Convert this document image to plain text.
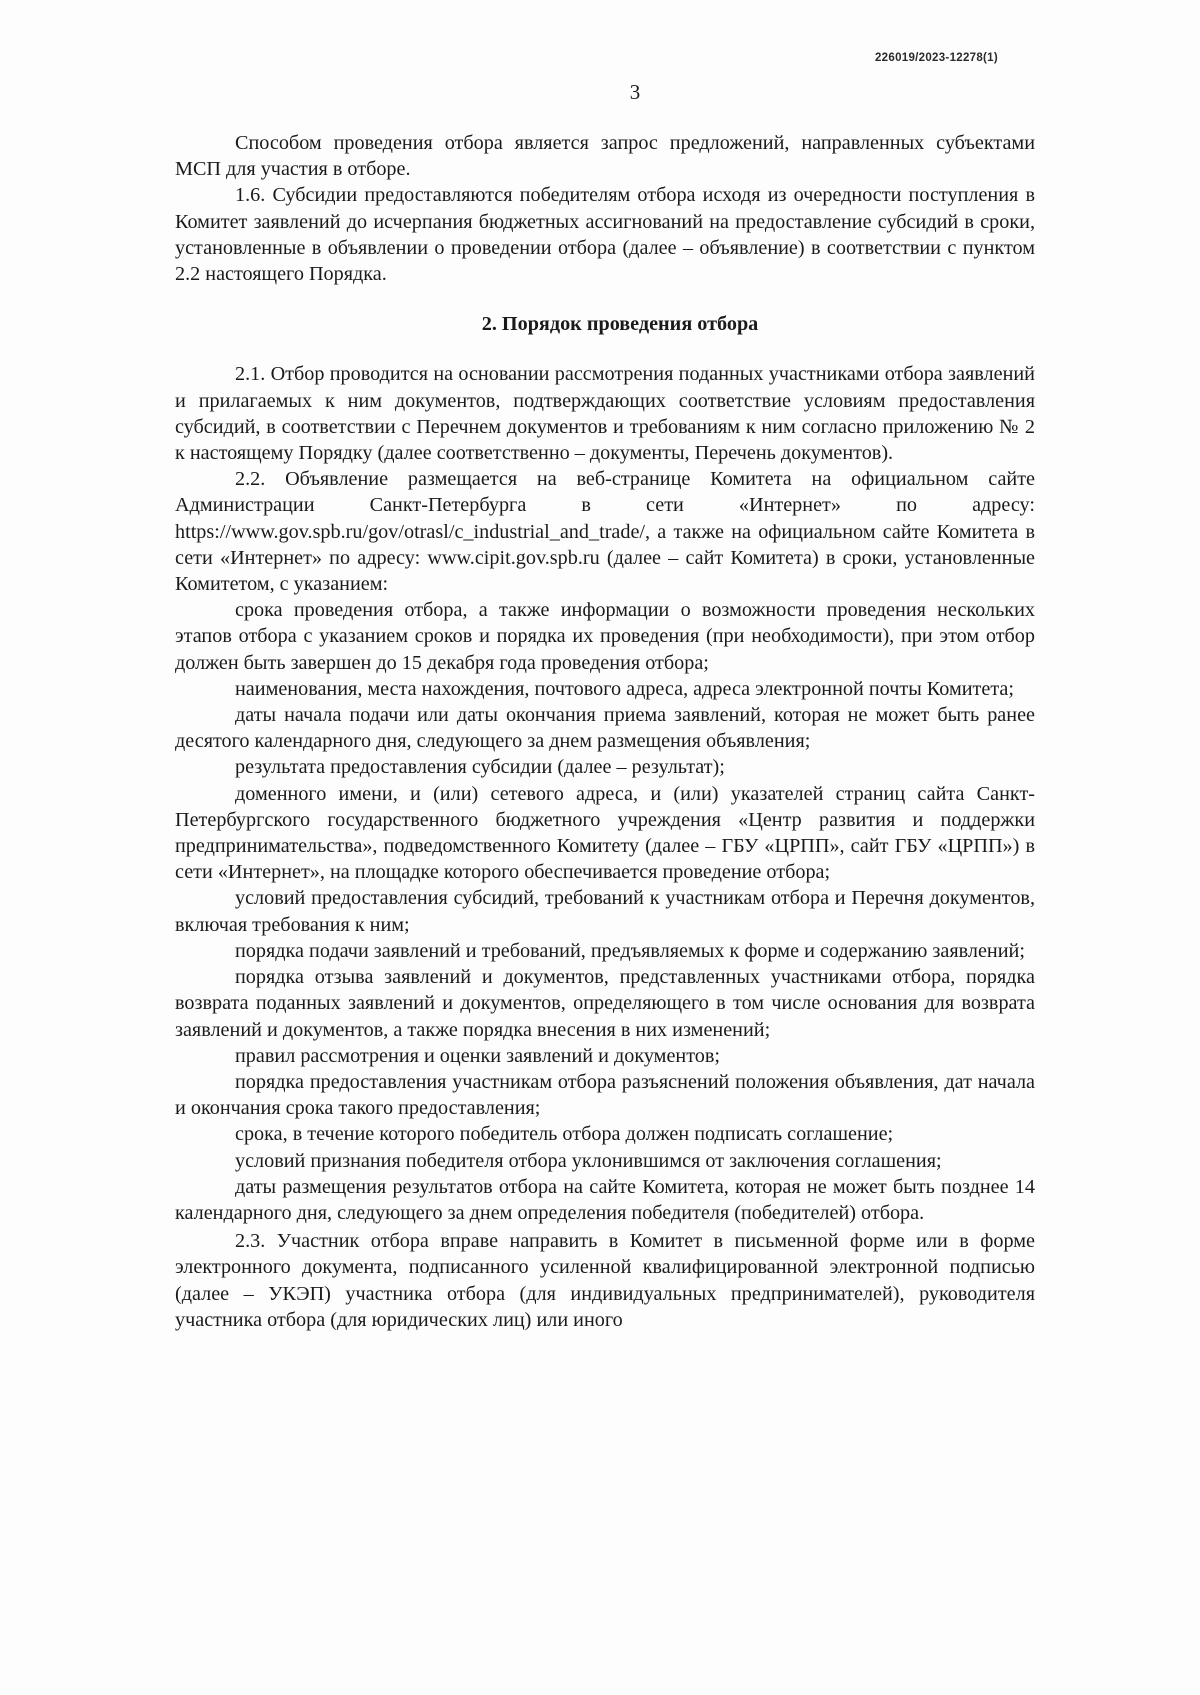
226019/2023-12278(1)
3

Способом проведения отбора является запрос предложений, направленных субъектами МСП для участия в отборе.

1.6. Субсидии предоставляются победителям отбора исходя из очередности поступления в Комитет заявлений до исчерпания бюджетных ассигнований на предоставление субсидий в сроки, установленные в объявлении о проведении отбора (далее – объявление) в соответствии с пунктом 2.2 настоящего Порядка.

2. Порядок проведения отбора

2.1. Отбор проводится на основании рассмотрения поданных участниками отбора заявлений и прилагаемых к ним документов, подтверждающих соответствие условиям предоставления субсидий, в соответствии с Перечнем документов и требованиям к ним согласно приложению № 2 к настоящему Порядку (далее соответственно – документы, Перечень документов).

2.2. Объявление размещается на веб-странице Комитета на официальном сайте Администрации Санкт-Петербурга в сети «Интернет» по адресу: https://www.gov.spb.ru/gov/otrasl/c_industrial_and_trade/, а также на официальном сайте Комитета в сети «Интернет» по адресу: www.cipit.gov.spb.ru (далее – сайт Комитета) в сроки, установленные Комитетом, с указанием:

срока проведения отбора, а также информации о возможности проведения нескольких этапов отбора с указанием сроков и порядка их проведения (при необходимости), при этом отбор должен быть завершен до 15 декабря года проведения отбора;

наименования, места нахождения, почтового адреса, адреса электронной почты Комитета;

даты начала подачи или даты окончания приема заявлений, которая не может быть ранее десятого календарного дня, следующего за днем размещения объявления;

результата предоставления субсидии (далее – результат);

доменного имени, и (или) сетевого адреса, и (или) указателей страниц сайта Санкт-Петербургского государственного бюджетного учреждения «Центр развития и поддержки предпринимательства», подведомственного Комитету (далее – ГБУ «ЦРПП», сайт ГБУ «ЦРПП») в сети «Интернет», на площадке которого обеспечивается проведение отбора;

условий предоставления субсидий, требований к участникам отбора и Перечня документов, включая требования к ним;

порядка подачи заявлений и требований, предъявляемых к форме и содержанию заявлений;

порядка отзыва заявлений и документов, представленных участниками отбора, порядка возврата поданных заявлений и документов, определяющего в том числе основания для возврата заявлений и документов, а также порядка внесения в них изменений;

правил рассмотрения и оценки заявлений и документов;

порядка предоставления участникам отбора разъяснений положения объявления, дат начала и окончания срока такого предоставления;

срока, в течение которого победитель отбора должен подписать соглашение;

условий признания победителя отбора уклонившимся от заключения соглашения;

даты размещения результатов отбора на сайте Комитета, которая не может быть позднее 14 календарного дня, следующего за днем определения победителя (победителей) отбора.

2.3. Участник отбора вправе направить в Комитет в письменной форме или в форме электронного документа, подписанного усиленной квалифицированной электронной подписью (далее – УКЭП) участника отбора (для индивидуальных предпринимателей), руководителя участника отбора (для юридических лиц) или иного
